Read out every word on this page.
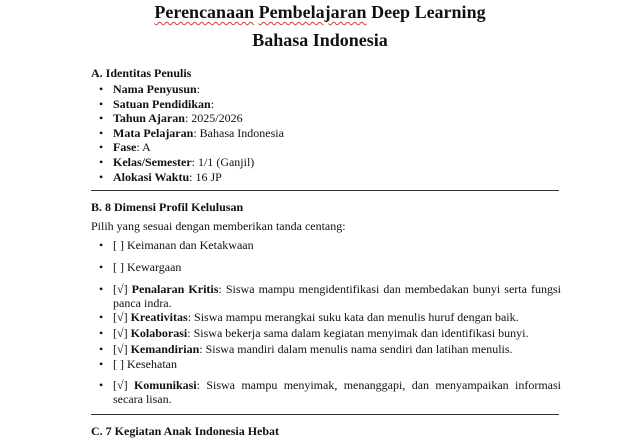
Perencanaan Pembelajaran Deep Learning
Bahasa Indonesia
A. Identitas Penulis
• Nama Penyusun:
• Satuan Pendidikan:
• Tahun Ajaran: 2025/2026
• Mata Pelajaran: Bahasa Indonesia
• Fase: A
• Kelas/Semester: 1/1 (Ganjil)
• Alokasi Waktu: 16 JP
B. 8 Dimensi Profil Kelulusan

Pilih yang sesuai dengan memberikan tanda centang:

• [ ] Keimanan dan Ketakwaan
• [ ] Kewargaan
• [√] Penalaran Kritis: Siswa mampu mengidentifikasi dan membedakan bunyi serta fungsi panca indra.
• [√] Kreativitas: Siswa mampu merangkai suku kata dan menulis huruf dengan baik.
• [√] Kolaborasi: Siswa bekerja sama dalam kegiatan menyimak dan identifikasi bunyi.
• [√] Kemandirian: Siswa mandiri dalam menulis nama sendiri dan latihan menulis.
• [ ] Kesehatan
• [√] Komunikasi: Siswa mampu menyimak, menanggapi, dan menyampaikan informasi secara lisan.
C. 7 Kegiatan Anak Indonesia Hebat
